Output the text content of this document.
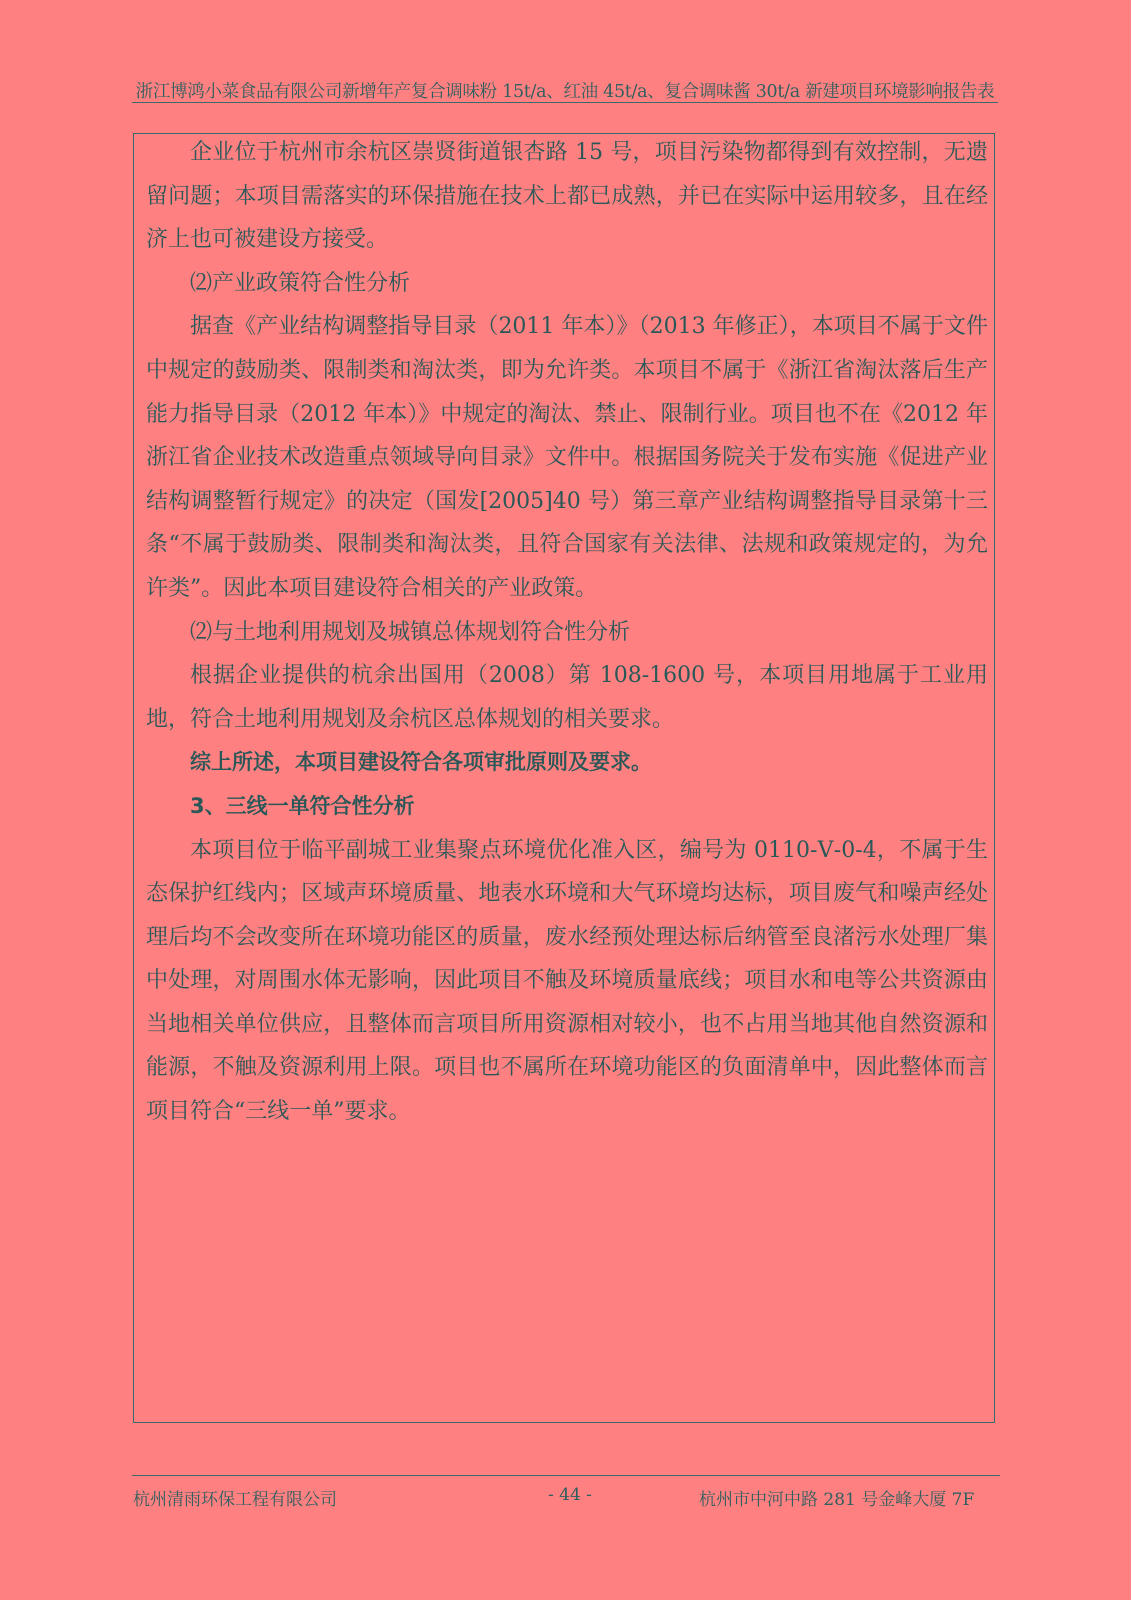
浙江博鸿小菜食品有限公司新增年产复合调味粉 15t/a、红油 45t/a、复合调味酱 30t/a 新建项目环境影响报告表

企业位于杭州市余杭区崇贤街道银杏路 15 号，项目污染物都得到有效控制，无遗留问题；本项目需落实的环保措施在技术上都已成熟，并已在实际中运用较多，且在经济上也可被建设方接受。

⑵产业政策符合性分析

据查《产业结构调整指导目录（2011 年本）》（2013 年修正），本项目不属于文件中规定的鼓励类、限制类和淘汰类，即为允许类。本项目不属于《浙江省淘汰落后生产能力指导目录（2012 年本）》中规定的淘汰、禁止、限制行业。项目也不在《2012 年浙江省企业技术改造重点领域导向目录》文件中。根据国务院关于发布实施《促进产业结构调整暂行规定》的决定（国发[2005]40 号）第三章产业结构调整指导目录第十三条“不属于鼓励类、限制类和淘汰类，且符合国家有关法律、法规和政策规定的，为允许类”。因此本项目建设符合相关的产业政策。

⑵与土地利用规划及城镇总体规划符合性分析

根据企业提供的杭余出国用（2008）第 108-1600 号，本项目用地属于工业用地，符合土地利用规划及余杭区总体规划的相关要求。

综上所述，本项目建设符合各项审批原则及要求。

3、三线一单符合性分析

本项目位于临平副城工业集聚点环境优化准入区，编号为 0110-Ⅴ-0-4，不属于生态保护红线内；区域声环境质量、地表水环境和大气环境均达标，项目废气和噪声经处理后均不会改变所在环境功能区的质量，废水经预处理达标后纳管至良渚污水处理厂集中处理，对周围水体无影响，因此项目不触及环境质量底线；项目水和电等公共资源由当地相关单位供应，且整体而言项目所用资源相对较小，也不占用当地其他自然资源和能源，不触及资源利用上限。项目也不属所在环境功能区的负面清单中，因此整体而言项目符合“三线一单”要求。

杭州清雨环保工程有限公司	- 44 -	杭州市中河中路 281 号金峰大厦 7F
